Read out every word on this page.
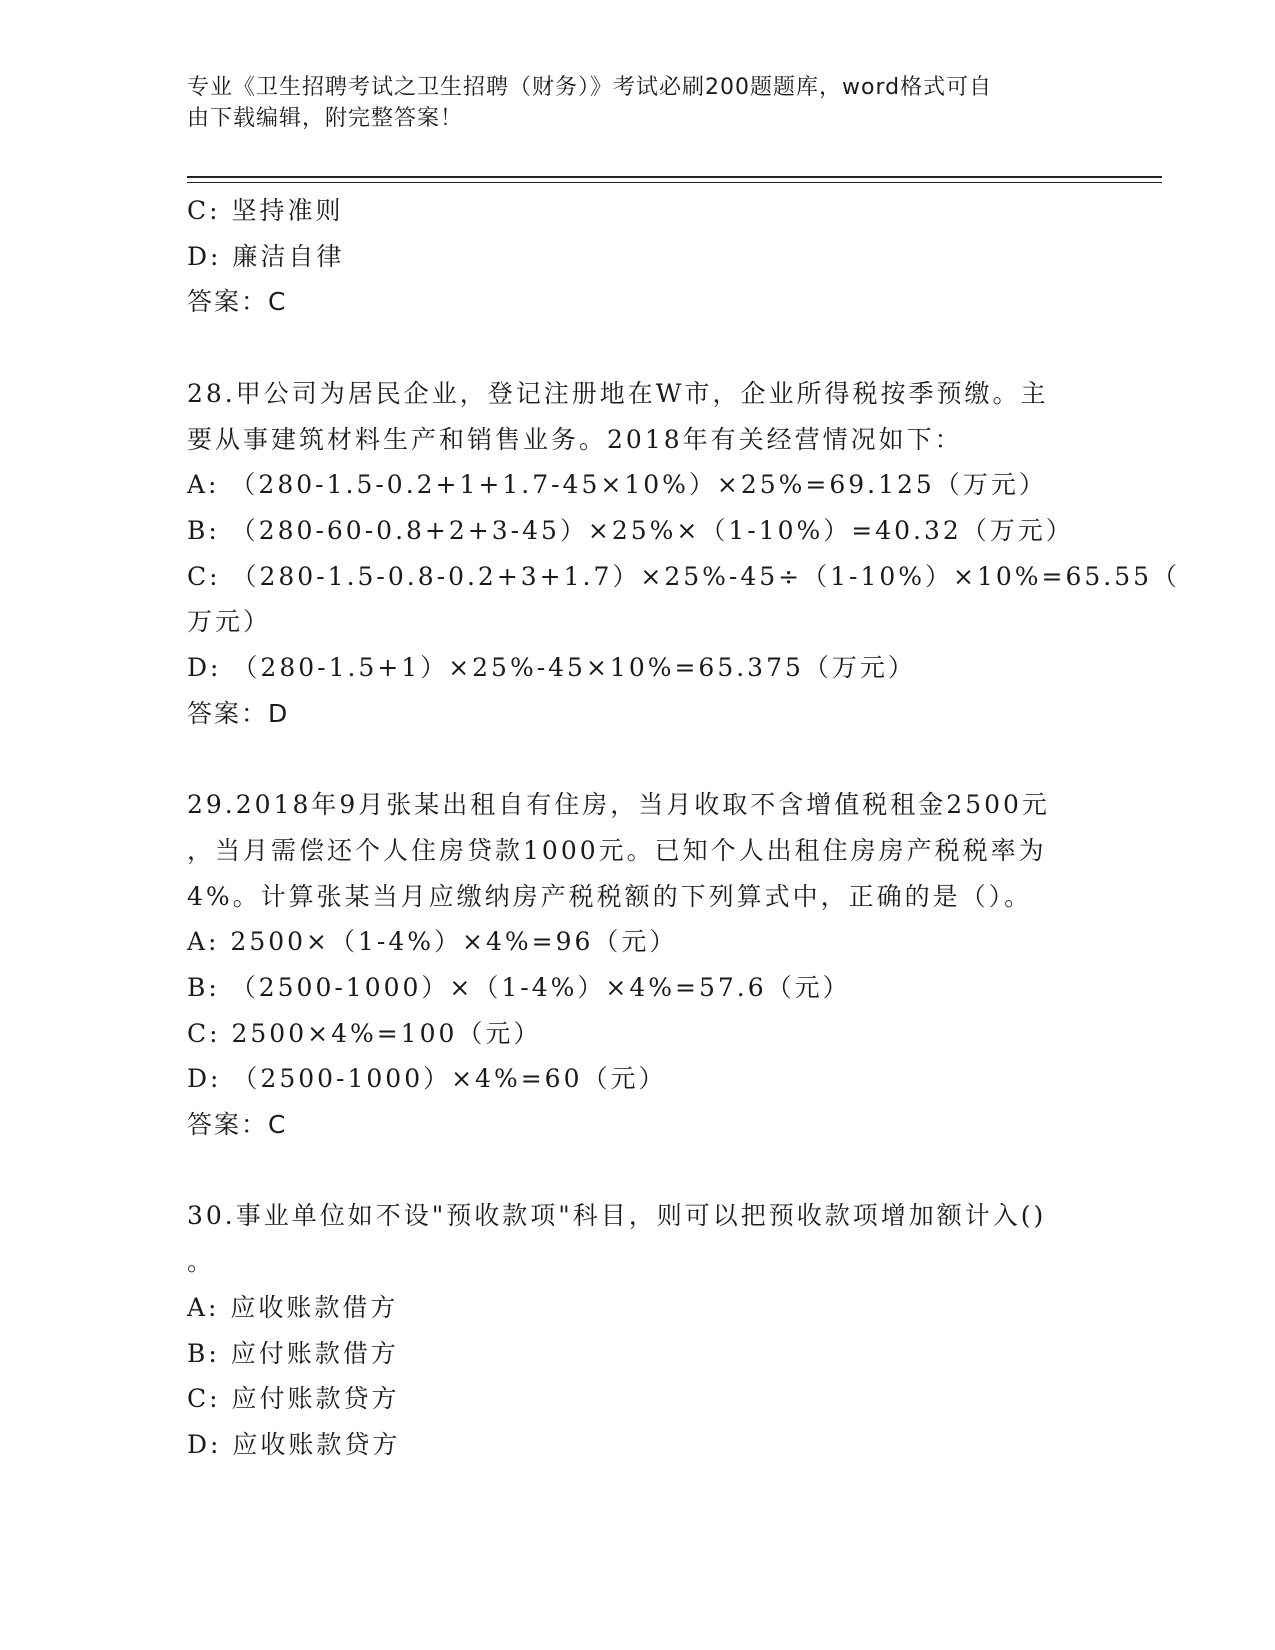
专业《卫生招聘考试之卫生招聘（财务）》考试必刷200题题库，word格式可自
由下载编辑，附完整答案！
C: 坚持准则
D: 廉洁自律
答案：C
28.甲公司为居民企业，登记注册地在W市，企业所得税按季预缴。主
要从事建筑材料生产和销售业务。2018年有关经营情况如下：
A: （280-1.5-0.2+1+1.7-45×10%）×25%=69.125（万元）
B: （280-60-0.8+2+3-45）×25%×（1-10%）=40.32（万元）
C: （280-1.5-0.8-0.2+3+1.7）×25%-45÷（1-10%）×10%=65.55（
万元）
D: （280-1.5+1）×25%-45×10%=65.375（万元）
答案：D
29.2018年9月张某出租自有住房，当月收取不含增值税租金2500元
，当月需偿还个人住房贷款1000元。已知个人出租住房房产税税率为
4%。计算张某当月应缴纳房产税税额的下列算式中，正确的是（）。
A: 2500×（1-4%）×4%=96（元）
B: （2500-1000）×（1-4%）×4%=57.6（元）
C: 2500×4%=100（元）
D: （2500-1000）×4%=60（元）
答案：C
30.事业单位如不设"预收款项"科目，则可以把预收款项增加额计入()
。
A: 应收账款借方
B: 应付账款借方
C: 应付账款贷方
D: 应收账款贷方
